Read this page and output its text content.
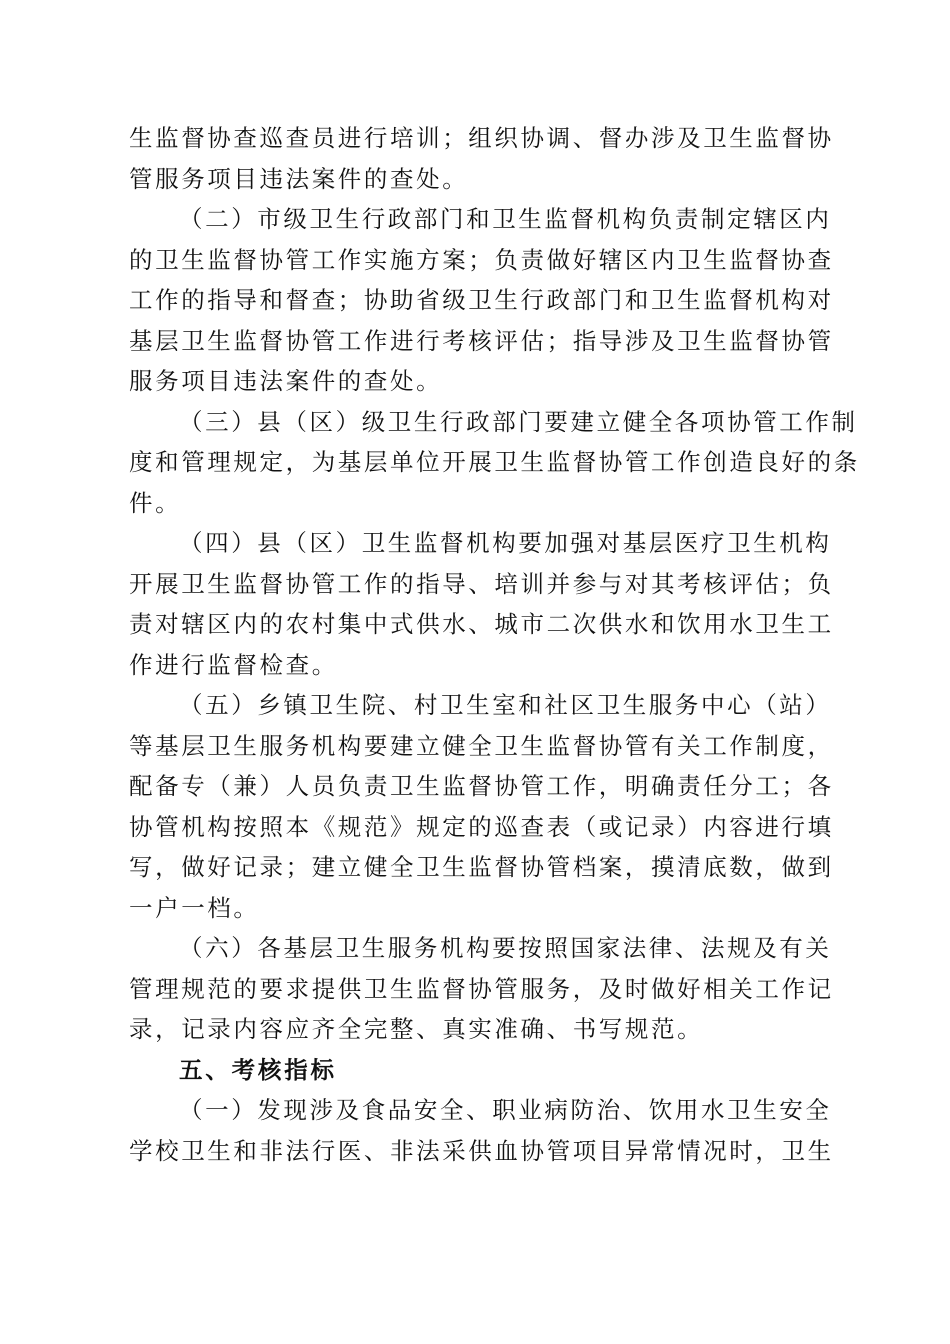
生监督协查巡查员进行培训；组织协调、督办涉及卫生监督协
管服务项目违法案件的查处。

（二）市级卫生行政部门和卫生监督机构负责制定辖区内
的卫生监督协管工作实施方案；负责做好辖区内卫生监督协查
工作的指导和督查；协助省级卫生行政部门和卫生监督机构对
基层卫生监督协管工作进行考核评估；指导涉及卫生监督协管
服务项目违法案件的查处。

（三）县（区）级卫生行政部门要建立健全各项协管工作制
度和管理规定，为基层单位开展卫生监督协管工作创造良好的条
件。

（四）县（区）卫生监督机构要加强对基层医疗卫生机构
开展卫生监督协管工作的指导、培训并参与对其考核评估；负
责对辖区内的农村集中式供水、城市二次供水和饮用水卫生工
作进行监督检查。

（五）乡镇卫生院、村卫生室和社区卫生服务中心（站）
等基层卫生服务机构要建立健全卫生监督协管有关工作制度，
配备专（兼）人员负责卫生监督协管工作，明确责任分工；各
协管机构按照本《规范》规定的巡查表（或记录）内容进行填
写，做好记录；建立健全卫生监督协管档案，摸清底数，做到
一户一档。

（六）各基层卫生服务机构要按照国家法律、法规及有关
管理规范的要求提供卫生监督协管服务，及时做好相关工作记
录，记录内容应齐全完整、真实准确、书写规范。

五、考核指标

（一）发现涉及食品安全、职业病防治、饮用水卫生安全
学校卫生和非法行医、非法采供血协管项目异常情况时，卫生
